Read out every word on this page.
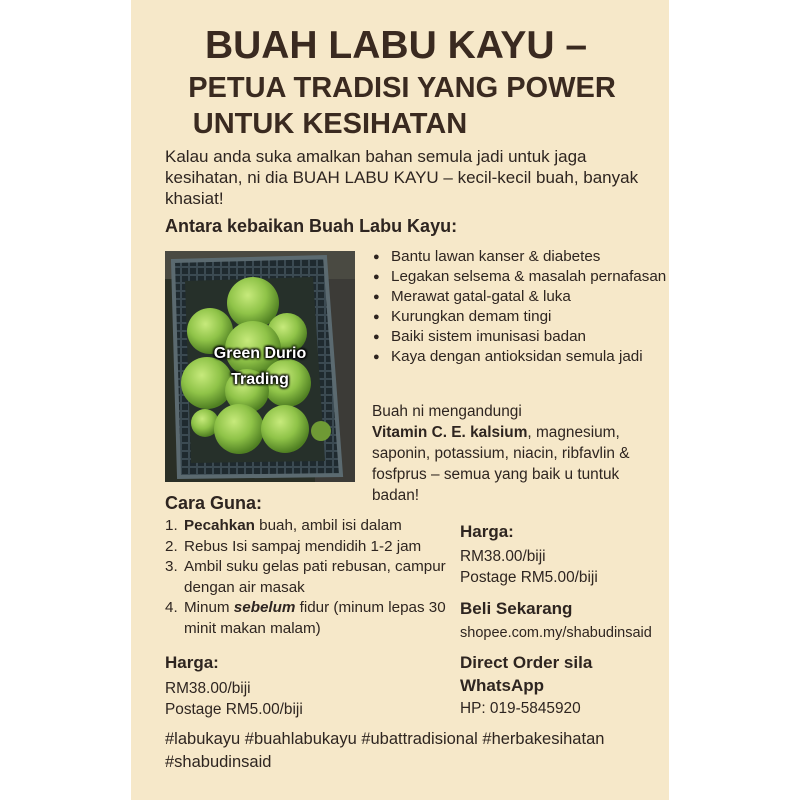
BUAH LABU KAYU –
PETUA TRADISI YANG POWER
UNTUK KESIHATAN
Kalau anda suka amalkan bahan semula jadi untuk jaga kesihatan, ni dia BUAH LABU KAYU – kecil-kecil buah, banyak khasiat!
Antara kebaikan Buah Labu Kayu:
Green Durio
Trading
● Bantu lawan kanser & diabetes
● Legakan selsema & masalah pernafasan
● Merawat gatal-gatal & luka
● Kurungkan demam tingi
● Baiki sistem imunisasi badan
● Kaya dengan antioksidan semula jadi
Buah ni mengandungi
Vitamin C. E. kalsium, magnesium, saponin, potassium, niacin, ribfavlin & fosfprus – semua yang baik u tuntuk badan!
Cara Guna:
1. Pecahkan buah, ambil isi dalam
2. Rebus Isi sampaj mendidih 1-2 jam
3. Ambil suku gelas pati rebusan, campur dengan air masak
4. Minum sebelum fidur (minum lepas 30 minit makan malam)
Harga:
RM38.00/biji
Postage RM5.00/biji
Harga:
RM38.00/biji
Postage RM5.00/biji
Beli Sekarang
shopee.com.my/shabudinsaid
Direct Order sila
WhatsApp
HP: 019-5845920
#labukayu #buahlabukayu #ubattradisional #herbakesihatan #shabudinsaid
